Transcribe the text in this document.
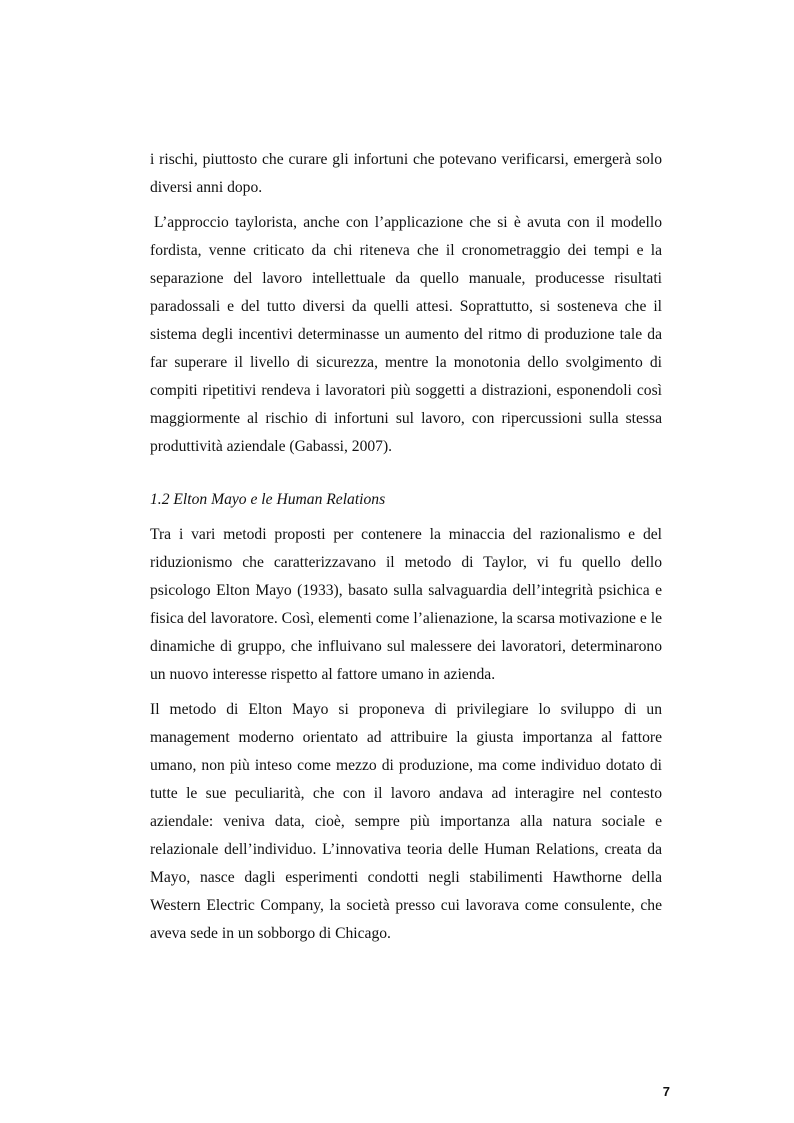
i rischi, piuttosto che curare gli infortuni che potevano verificarsi, emergerà solo diversi anni dopo.

L’approccio taylorista, anche con l’applicazione che si è avuta con il modello fordista, venne criticato da chi riteneva che il cronometraggio dei tempi e la separazione del lavoro intellettuale da quello manuale, producesse risultati paradossali e del tutto diversi da quelli attesi. Soprattutto, si sosteneva che il sistema degli incentivi determinasse un aumento del ritmo di produzione tale da far superare il livello di sicurezza, mentre la monotonia dello svolgimento di compiti ripetitivi rendeva i lavoratori più soggetti a distrazioni, esponendoli così maggiormente al rischio di infortuni sul lavoro, con ripercussioni sulla stessa produttività aziendale (Gabassi, 2007).

1.2 Elton Mayo e le Human Relations

Tra i vari metodi proposti per contenere la minaccia del razionalismo e del riduzionismo che caratterizzavano il metodo di Taylor, vi fu quello dello psicologo Elton Mayo (1933), basato sulla salvaguardia dell’integrità psichica e fisica del lavoratore. Così, elementi come l’alienazione, la scarsa motivazione e le dinamiche di gruppo, che influivano sul malessere dei lavoratori, determinarono un nuovo interesse rispetto al fattore umano in azienda.

Il metodo di Elton Mayo si proponeva di privilegiare lo sviluppo di un management moderno orientato ad attribuire la giusta importanza al fattore umano, non più inteso come mezzo di produzione, ma come individuo dotato di tutte le sue peculiarità, che con il lavoro andava ad interagire nel contesto aziendale: veniva data, cioè, sempre più importanza alla natura sociale e relazionale dell’individuo. L’innovativa teoria delle Human Relations, creata da Mayo, nasce dagli esperimenti condotti negli stabilimenti Hawthorne della Western Electric Company, la società presso cui lavorava come consulente, che aveva sede in un sobborgo di Chicago.

7
